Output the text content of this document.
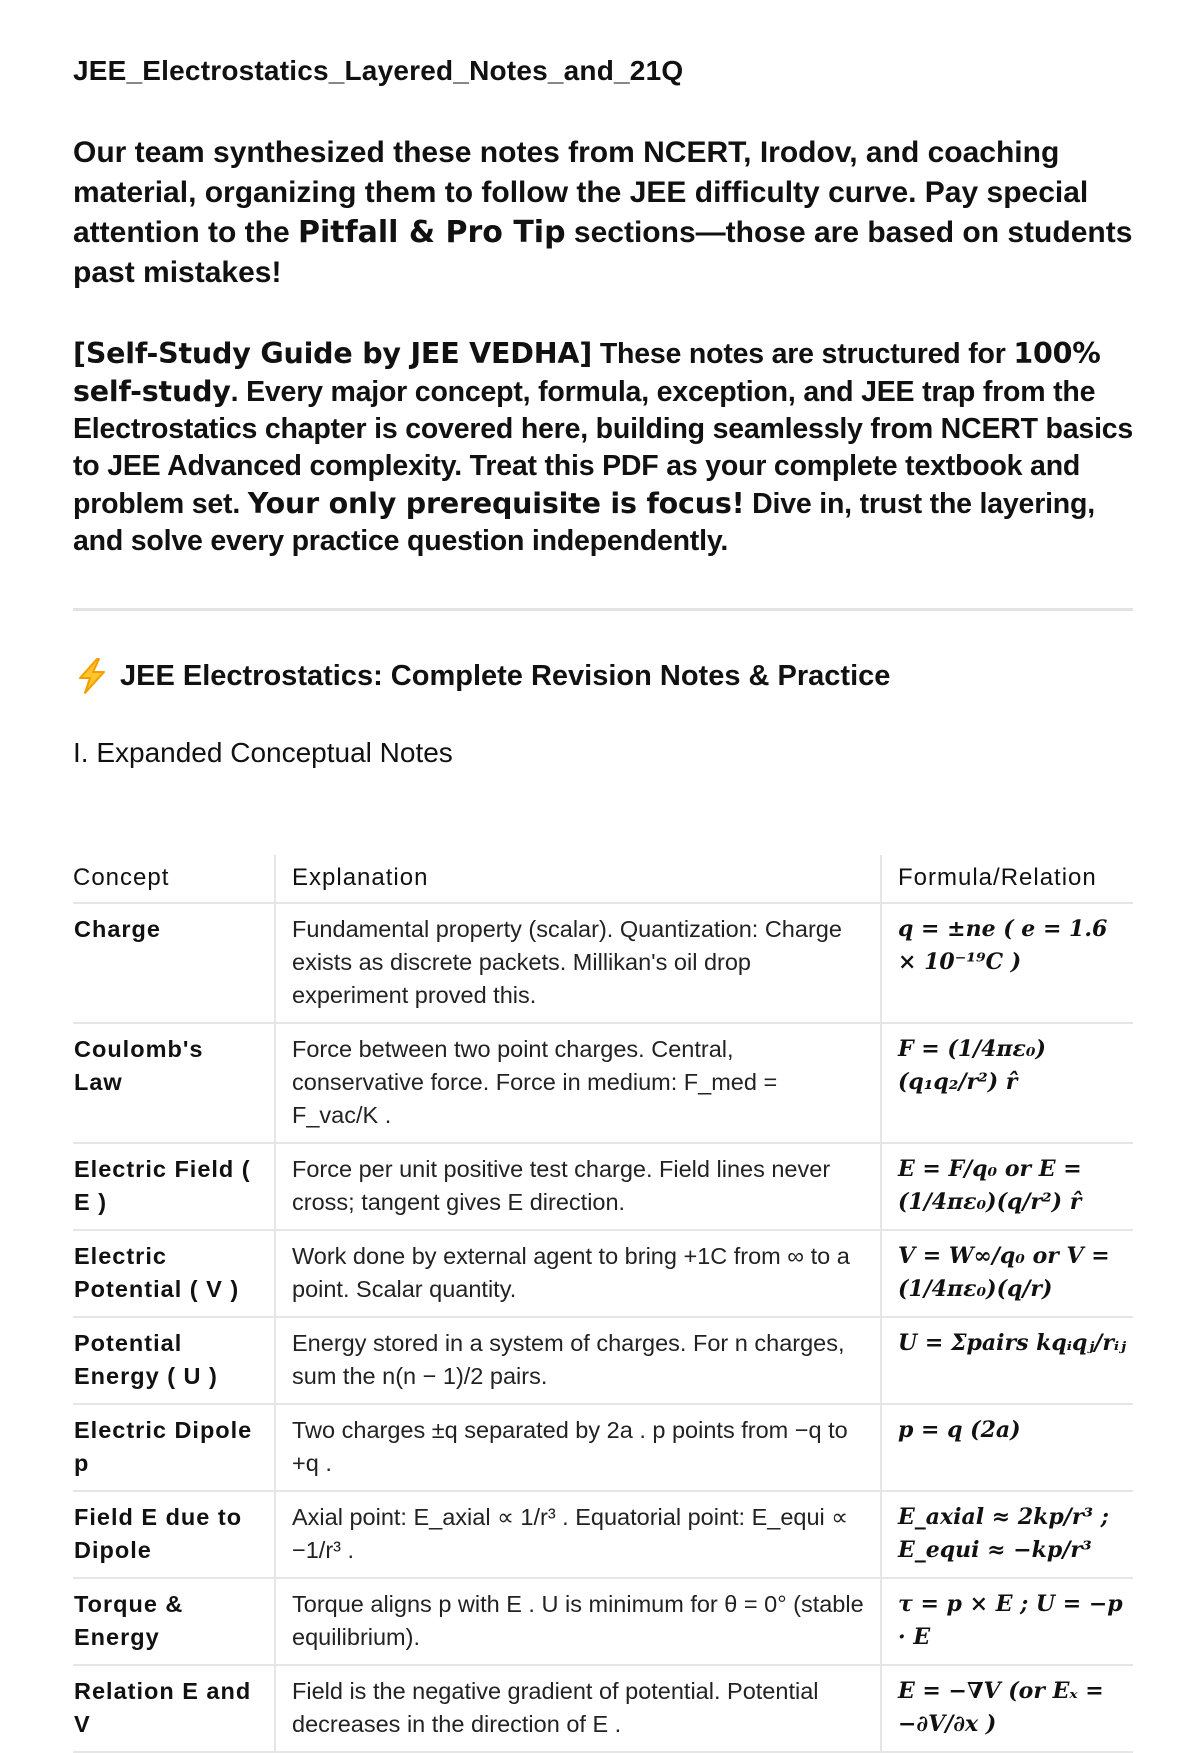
JEE_Electrostatics_Layered_Notes_and_21Q
Our team synthesized these notes from NCERT, Irodov, and coaching material, organizing them to follow the JEE difficulty curve. Pay special attention to the Pitfall & Pro Tip sections—those are based on students past mistakes!
[Self-Study Guide by JEE VEDHA] These notes are structured for 100% self-study. Every major concept, formula, exception, and JEE trap from the Electrostatics chapter is covered here, building seamlessly from NCERT basics to JEE Advanced complexity. Treat this PDF as your complete textbook and problem set. Your only prerequisite is focus! Dive in, trust the layering, and solve every practice question independently.
JEE Electrostatics: Complete Revision Notes & Practice
I. Expanded Conceptual Notes
Concept	Explanation	Formula/Relation
Charge	Fundamental property (scalar). Quantization: Charge exists as discrete packets. Millikan's oil drop experiment proved this.	q = ±ne ( e = 1.6 × 10⁻¹⁹C )
Coulomb's Law	Force between two point charges. Central, conservative force. Force in medium: F_med = F_vac/K .	F = (1/4πε₀)(q₁q₂/r²) r̂
Electric Field ( E )	Force per unit positive test charge. Field lines never cross; tangent gives E direction.	E = F/q₀ or E = (1/4πε₀)(q/r²) r̂
Electric Potential ( V )	Work done by external agent to bring +1C from ∞ to a point. Scalar quantity.	V = W∞/q₀ or V = (1/4πε₀)(q/r)
Potential Energy ( U )	Energy stored in a system of charges. For n charges, sum the n(n − 1)/2 pairs.	U = Σpairs kqᵢqⱼ/rᵢⱼ
Electric Dipole p	Two charges ±q separated by 2a . p points from −q to +q .	p = q (2a)
Field E due to Dipole	Axial point: E_axial ∝ 1/r³ . Equatorial point: E_equi ∝ −1/r³ .	E_axial ≈ 2kp/r³ ; E_equi ≈ −kp/r³
Torque & Energy	Torque aligns p with E . U is minimum for θ = 0° (stable equilibrium).	τ = p × E ; U = −p · E
Relation E and V	Field is the negative gradient of potential. Potential decreases in the direction of E .	E = −∇V (or Eₓ = −∂V/∂x )
